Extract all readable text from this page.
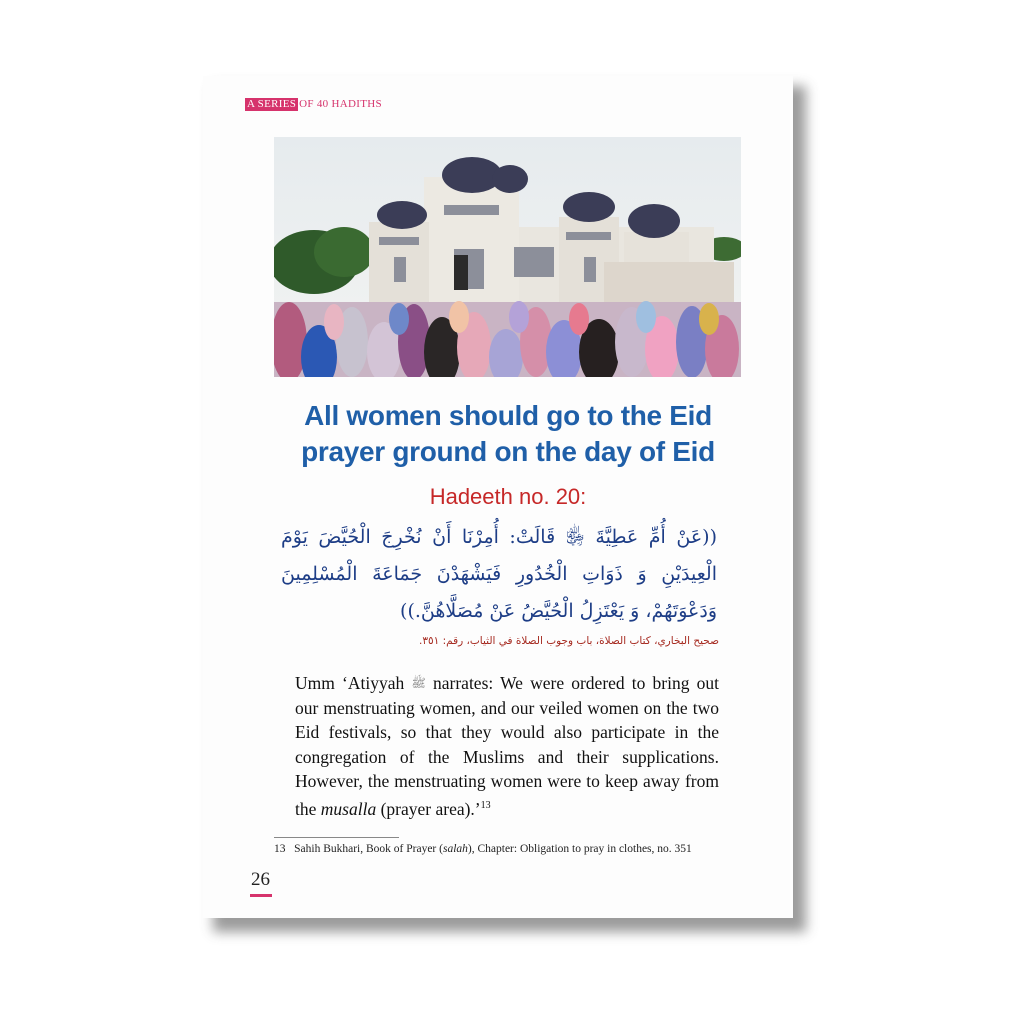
A SERIES OF 40 HADITHS
All women should go to the Eid
prayer ground on the day of Eid
Hadeeth no. 20:
((عَنْ أُمِّ عَطِيَّةَ ﵂ قَالَتْ: أُمِرْنَا أَنْ نُخْرِجَ الْحُيَّضَ يَوْمَ الْعِيدَيْنِ وَ ذَوَاتِ الْخُدُورِ فَيَشْهَدْنَ جَمَاعَةَ الْمُسْلِمِينَ وَدَعْوَتَهُمْ، وَ يَعْتَزِلُ الْحُيَّضُ عَنْ مُصَلَّاهُنَّ.))
صحيح البخاري، كتاب الصلاة، باب وجوب الصلاة في الثياب، رقم: ٣٥١.
Umm ‘Atiyyah $^ﷺ$ narrates: We were ordered to bring out our menstruating women, and our veiled women on the two Eid festivals, so that they would also participate in the congregation of the Muslims and their supplications. However, the menstruating women were to keep away from the musalla (prayer area).’$^{13}$
13 Sahih Bukhari, Book of Prayer (salah), Chapter: Obligation to pray in clothes, no. 351
26
